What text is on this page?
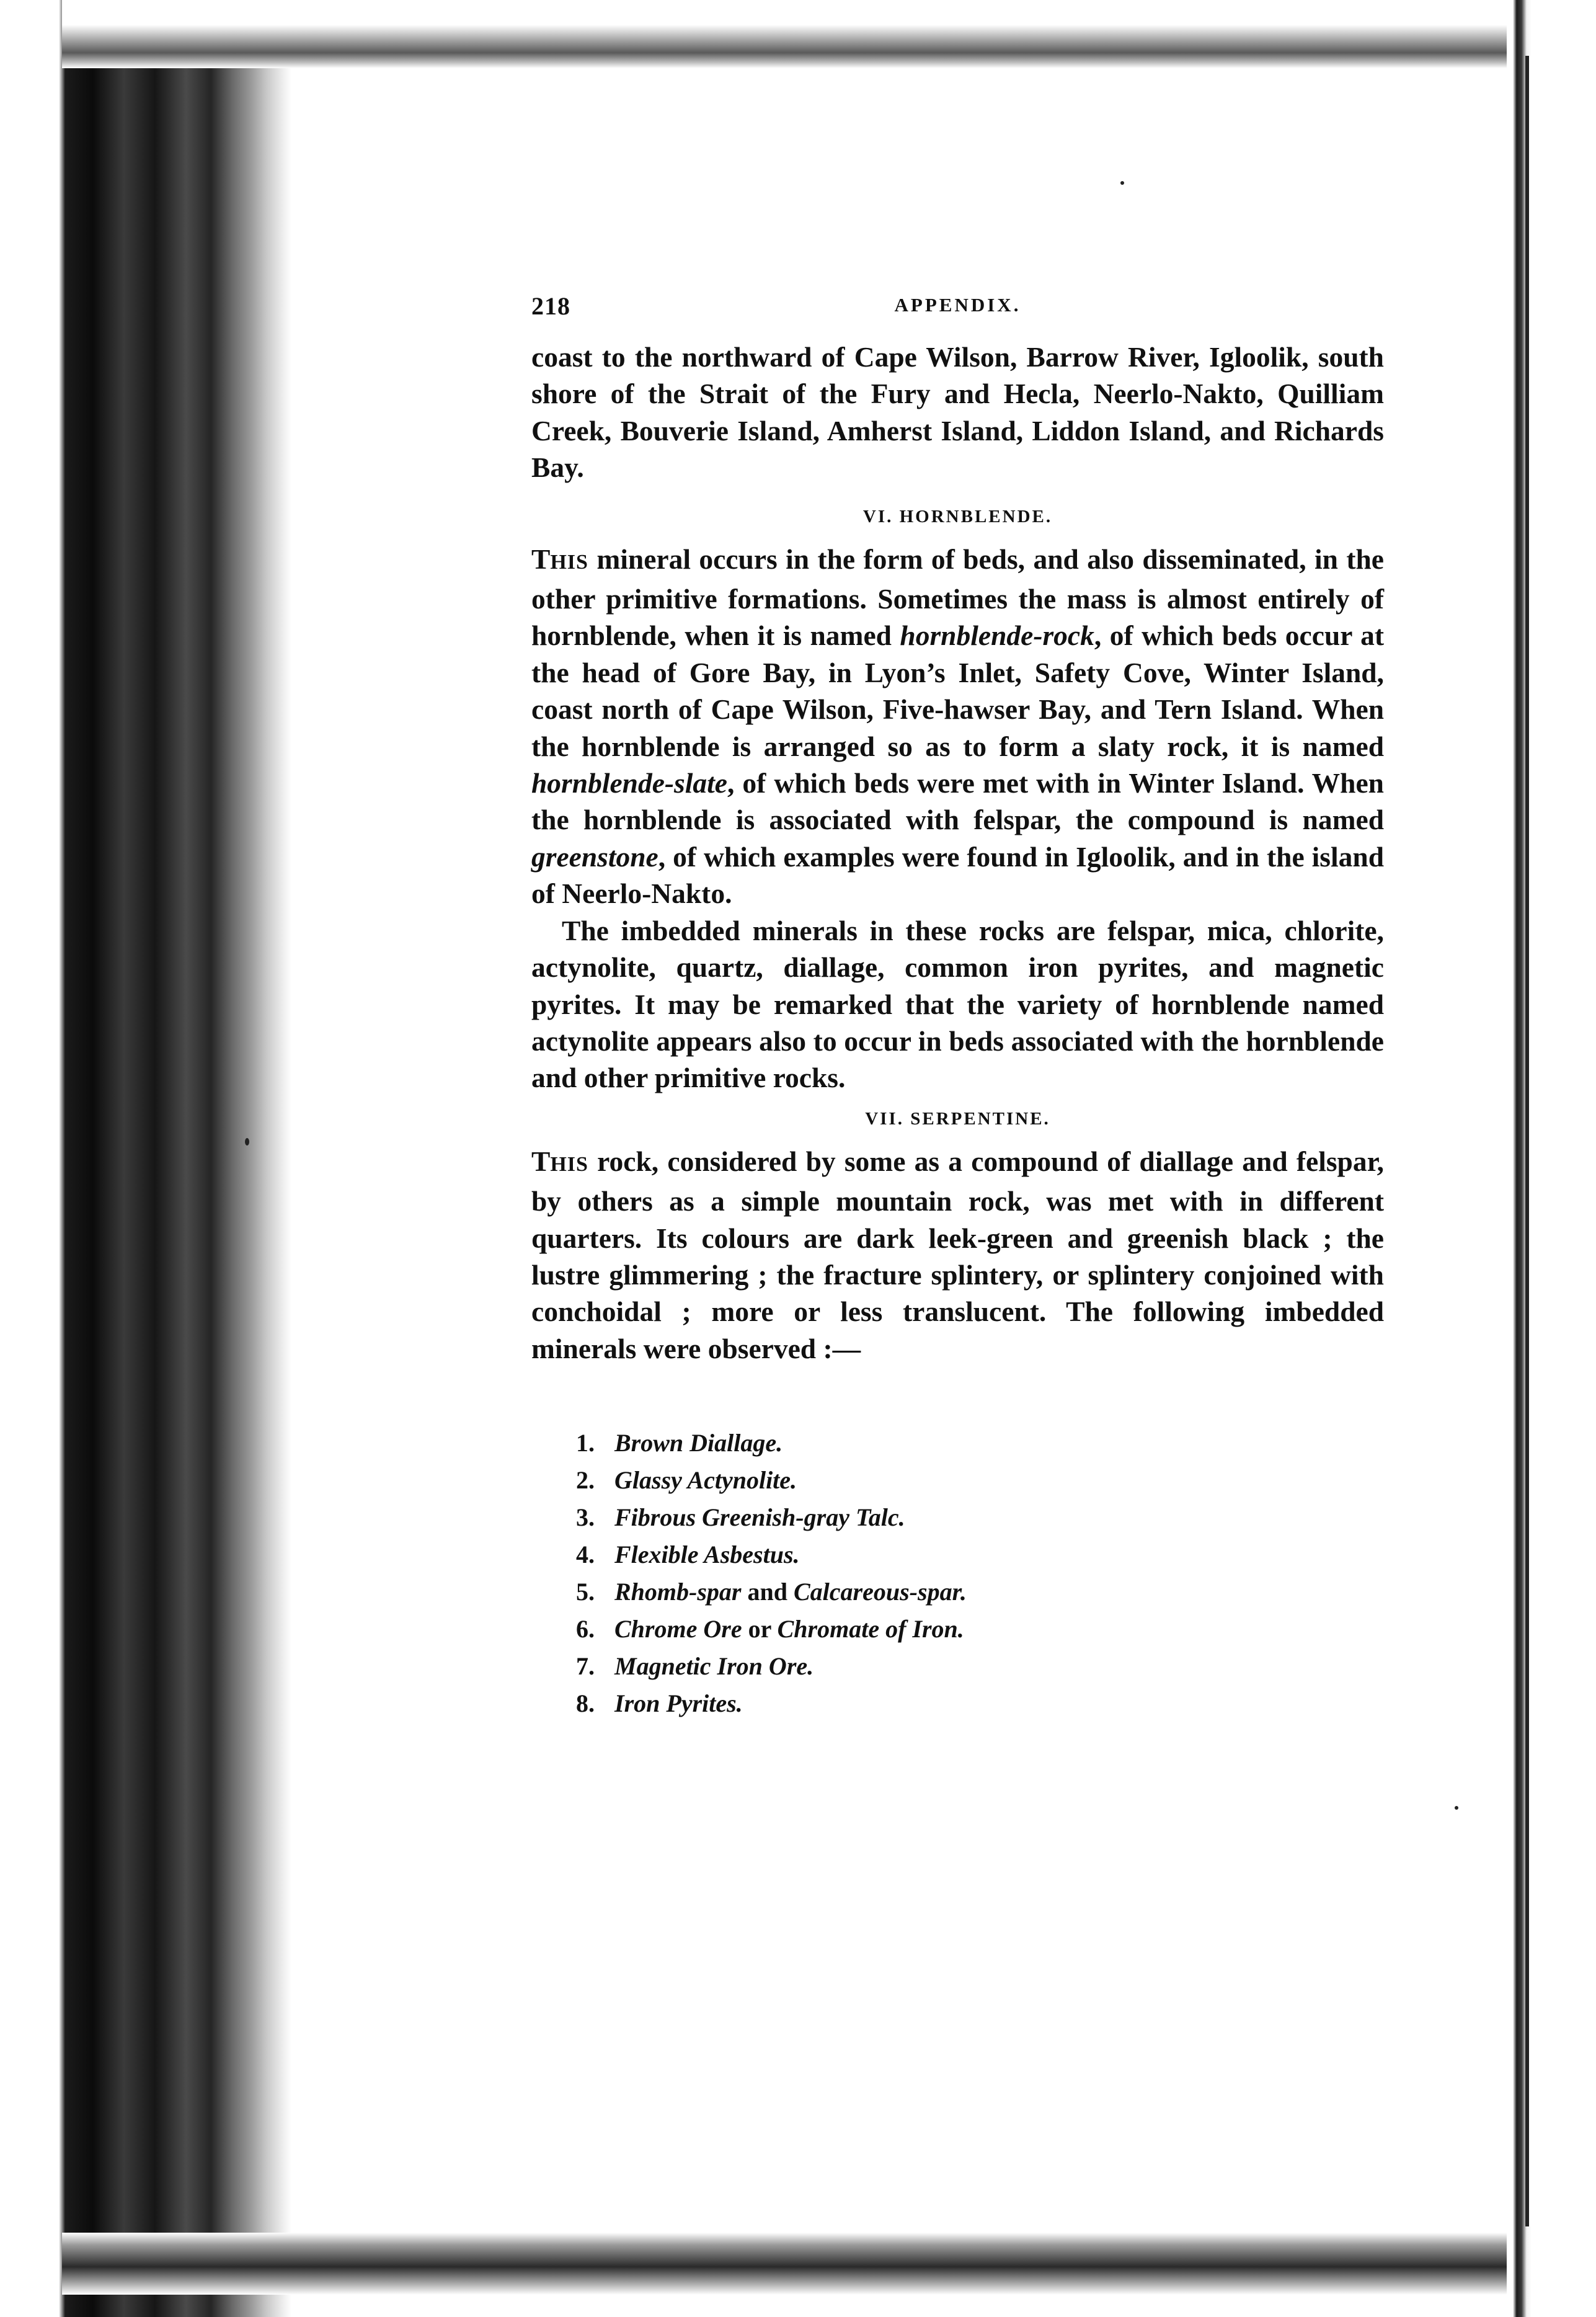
218	APPENDIX.

coast to the northward of Cape Wilson, Barrow River, Igloolik, south shore of the Strait of the Fury and Hecla, Neerlo-Nakto, Quilliam Creek, Bouverie Island, Amherst Island, Liddon Island, and Richards Bay.

VI. HORNBLENDE.

THIS mineral occurs in the form of beds, and also disseminated, in the other primitive formations. Sometimes the mass is almost entirely of hornblende, when it is named hornblende-rock, of which beds occur at the head of Gore Bay, in Lyon’s Inlet, Safety Cove, Winter Island, coast north of Cape Wilson, Five-hawser Bay, and Tern Island. When the hornblende is arranged so as to form a slaty rock, it is named hornblende-slate, of which beds were met with in Winter Island. When the hornblende is associated with felspar, the compound is named greenstone, of which examples were found in Igloolik, and in the island of Neerlo-Nakto.

The imbedded minerals in these rocks are felspar, mica, chlorite, actynolite, quartz, diallage, common iron pyrites, and magnetic pyrites. It may be remarked that the variety of hornblende named actynolite appears also to occur in beds associated with the hornblende and other primitive rocks.

VII. SERPENTINE.

THIS rock, considered by some as a compound of diallage and felspar, by others as a simple mountain rock, was met with in different quarters. Its colours are dark leek-green and greenish black ; the lustre glimmering ; the fracture splintery, or splintery conjoined with conchoidal ; more or less translucent. The following imbedded minerals were observed :—

1. Brown Diallage.
2. Glassy Actynolite.
3. Fibrous Greenish-gray Talc.
4. Flexible Asbestus.
5. Rhomb-spar and Calcareous-spar.
6. Chrome Ore or Chromate of Iron.
7. Magnetic Iron Ore.
8. Iron Pyrites.
